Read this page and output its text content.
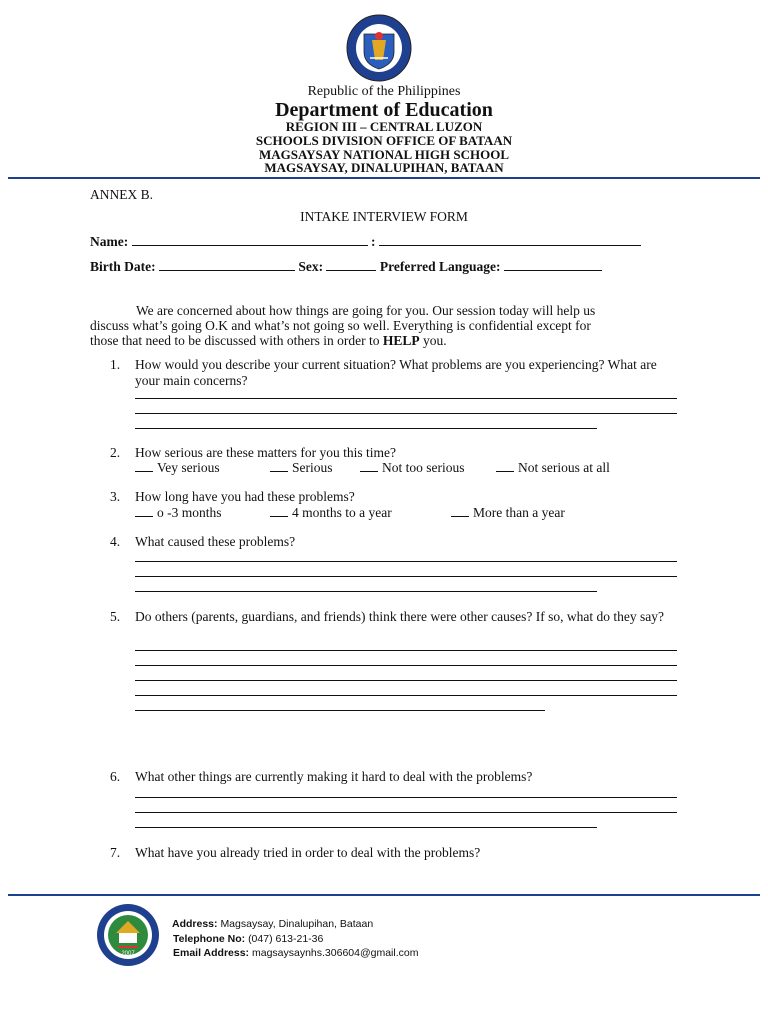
Republic of the Philippines
Department of Education
REGION III – CENTRAL LUZON
SCHOOLS DIVISION OFFICE OF BATAAN
MAGSAYSAY NATIONAL HIGH SCHOOL
MAGSAYSAY, DINALUPIHAN, BATAAN
ANNEX B.
INTAKE INTERVIEW FORM
Name:	:
Birth Date:	Sex:	Preferred Language:
We are concerned about how things are going for you. Our session today will help us
discuss what’s going O.K and what’s not going so well. Everything is confidential except for
those that need to be discussed with others in order to HELP you.
1. How would you describe your current situation? What problems are you experiencing? What are your main concerns?
2. How serious are these matters for you this time?
Vey serious	Serious	Not too serious	Not serious at all
3. How long have you had these problems?
o -3 months	4 months to a year	More than a year
4. What caused these problems?
5. Do others (parents, guardians, and friends) think there were other causes? If so, what do they say?
6. What other things are currently making it hard to deal with the problems?
7. What have you already tried in order to deal with the problems?
2007
Address: Magsaysay, Dinalupihan, Bataan
Telephone No: (047) 613-21-36
Email Address: magsaysaynhs.306604@gmail.com
